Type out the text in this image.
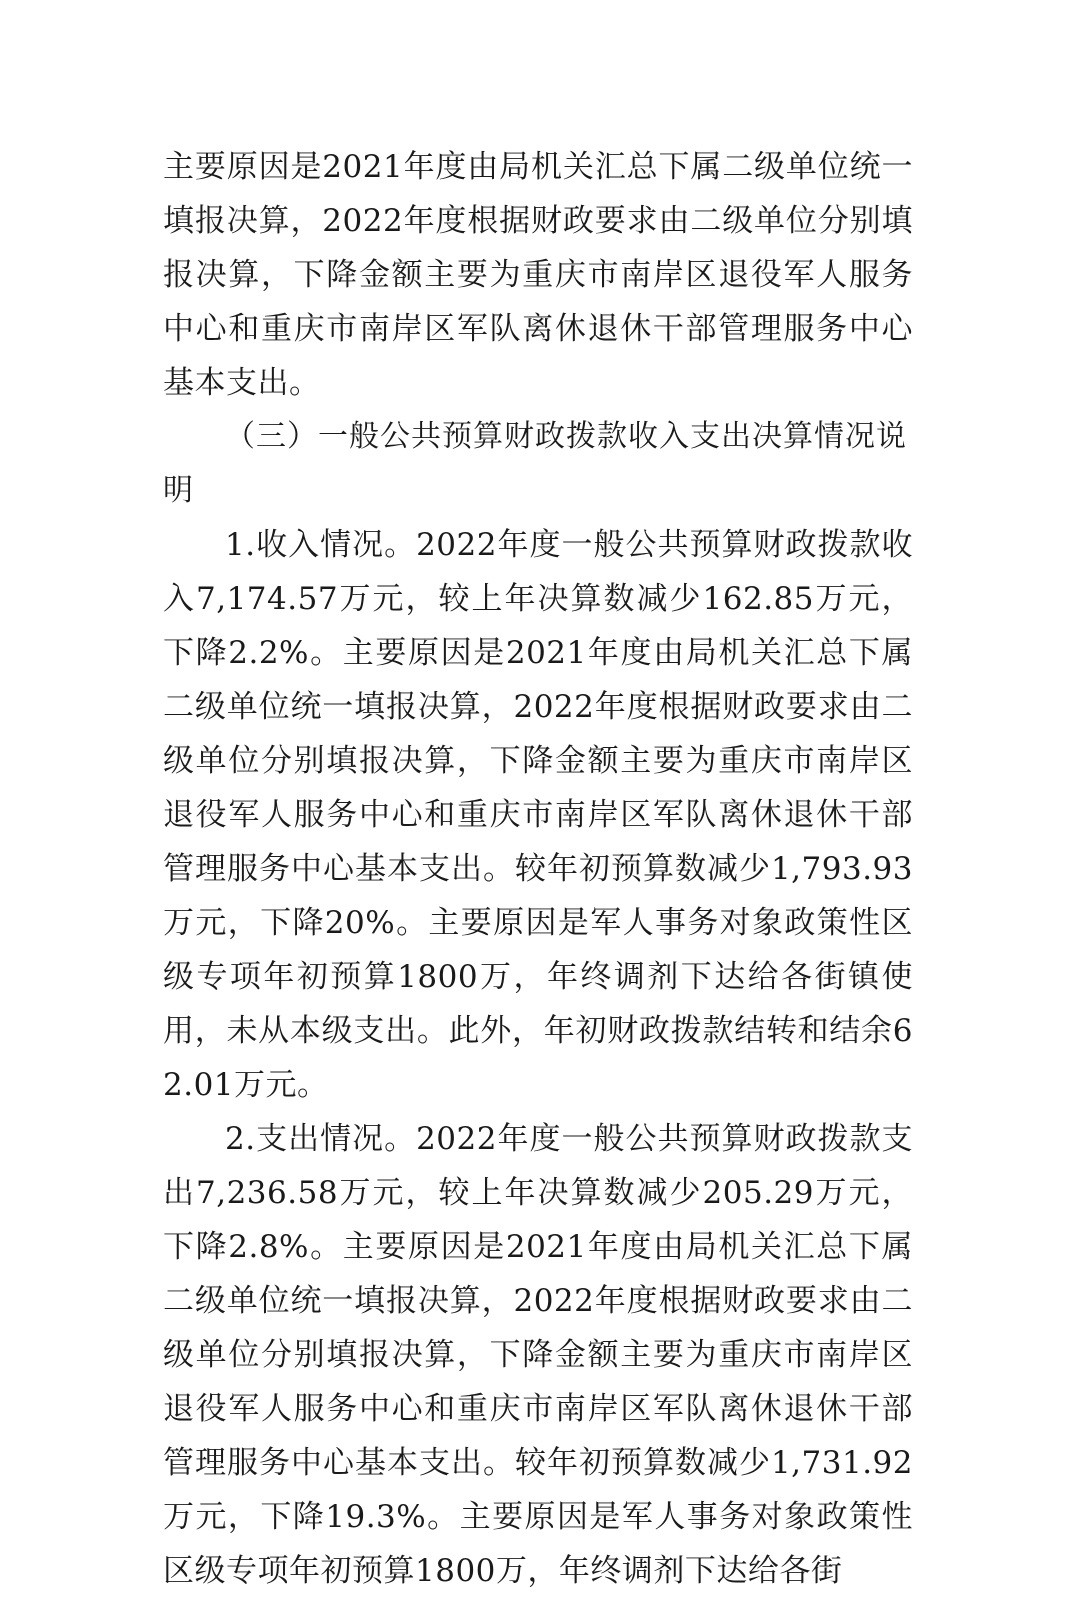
主要原因是2021年度由局机关汇总下属二级单位统一填报决算，2022年度根据财政要求由二级单位分别填报决算，下降金额主要为重庆市南岸区退役军人服务中心和重庆市南岸区军队离休退休干部管理服务中心基本支出。

（三）一般公共预算财政拨款收入支出决算情况说明

1.收入情况。2022年度一般公共预算财政拨款收入7,174.57万元，较上年决算数减少162.85万元，下降2.2%。主要原因是2021年度由局机关汇总下属二级单位统一填报决算，2022年度根据财政要求由二级单位分别填报决算，下降金额主要为重庆市南岸区退役军人服务中心和重庆市南岸区军队离休退休干部管理服务中心基本支出。较年初预算数减少1,793.93万元，下降20%。主要原因是军人事务对象政策性区级专项年初预算1800万，年终调剂下达给各街镇使用，未从本级支出。此外，年初财政拨款结转和结余62.01万元。

2.支出情况。2022年度一般公共预算财政拨款支出7,236.58万元，较上年决算数减少205.29万元，下降2.8%。主要原因是2021年度由局机关汇总下属二级单位统一填报决算，2022年度根据财政要求由二级单位分别填报决算，下降金额主要为重庆市南岸区退役军人服务中心和重庆市南岸区军队离休退休干部管理服务中心基本支出。较年初预算数减少1,731.92万元，下降19.3%。主要原因是军人事务对象政策性区级专项年初预算1800万，年终调剂下达给各街
